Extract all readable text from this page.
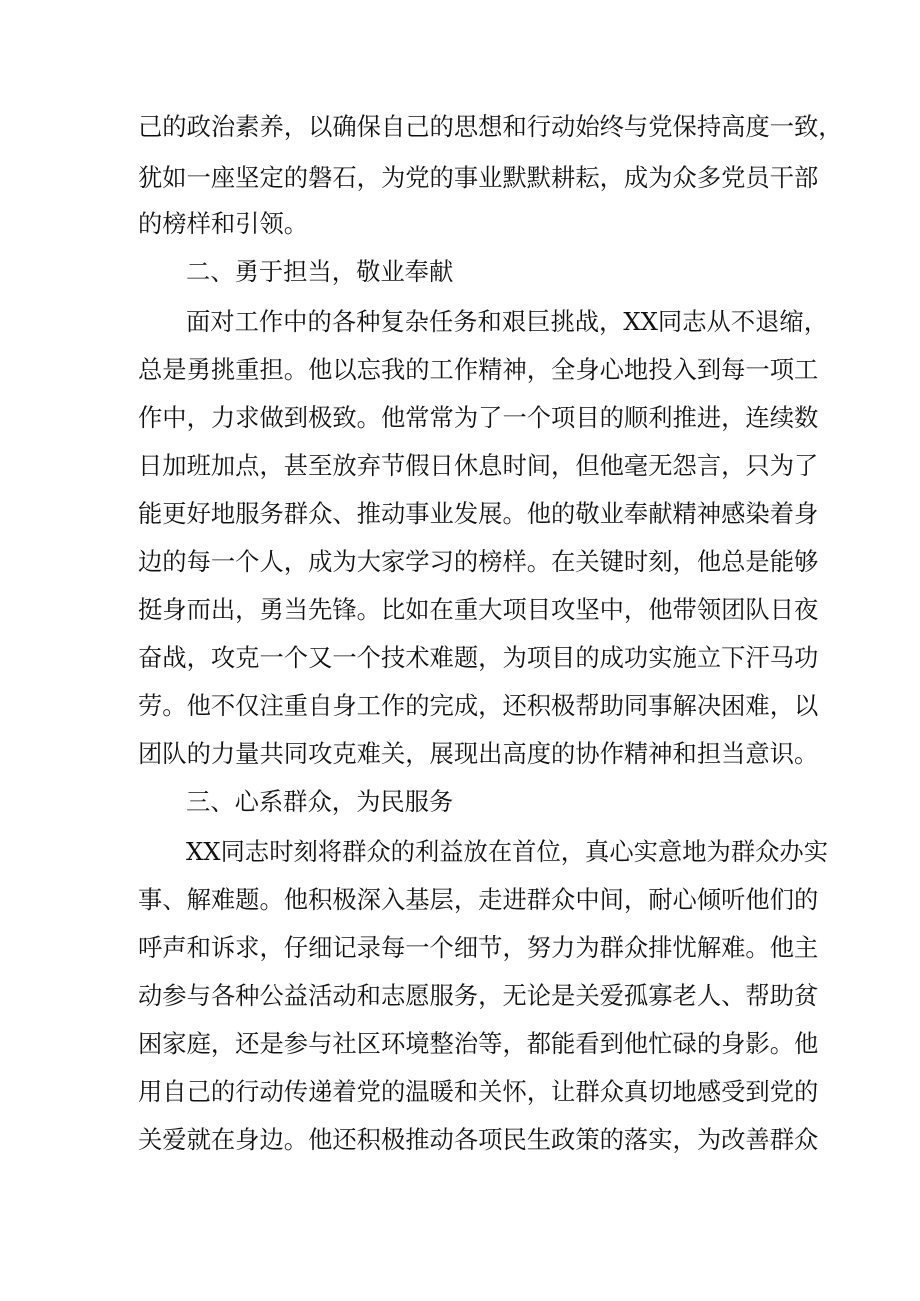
己的政治素养，以确保自己的思想和行动始终与党保持高度一致，
犹如一座坚定的磐石，为党的事业默默耕耘，成为众多党员干部
的榜样和引领。
二、勇于担当，敬业奉献
面对工作中的各种复杂任务和艰巨挑战，XX同志从不退缩，
总是勇挑重担。他以忘我的工作精神，全身心地投入到每一项工
作中，力求做到极致。他常常为了一个项目的顺利推进，连续数
日加班加点，甚至放弃节假日休息时间，但他毫无怨言，只为了
能更好地服务群众、推动事业发展。他的敬业奉献精神感染着身
边的每一个人，成为大家学习的榜样。在关键时刻，他总是能够
挺身而出，勇当先锋。比如在重大项目攻坚中，他带领团队日夜
奋战，攻克一个又一个技术难题，为项目的成功实施立下汗马功
劳。他不仅注重自身工作的完成，还积极帮助同事解决困难，以
团队的力量共同攻克难关，展现出高度的协作精神和担当意识。
三、心系群众，为民服务
XX同志时刻将群众的利益放在首位，真心实意地为群众办实
事、解难题。他积极深入基层，走进群众中间，耐心倾听他们的
呼声和诉求，仔细记录每一个细节，努力为群众排忧解难。他主
动参与各种公益活动和志愿服务，无论是关爱孤寡老人、帮助贫
困家庭，还是参与社区环境整治等，都能看到他忙碌的身影。他
用自己的行动传递着党的温暖和关怀，让群众真切地感受到党的
关爱就在身边。他还积极推动各项民生政策的落实，为改善群众
